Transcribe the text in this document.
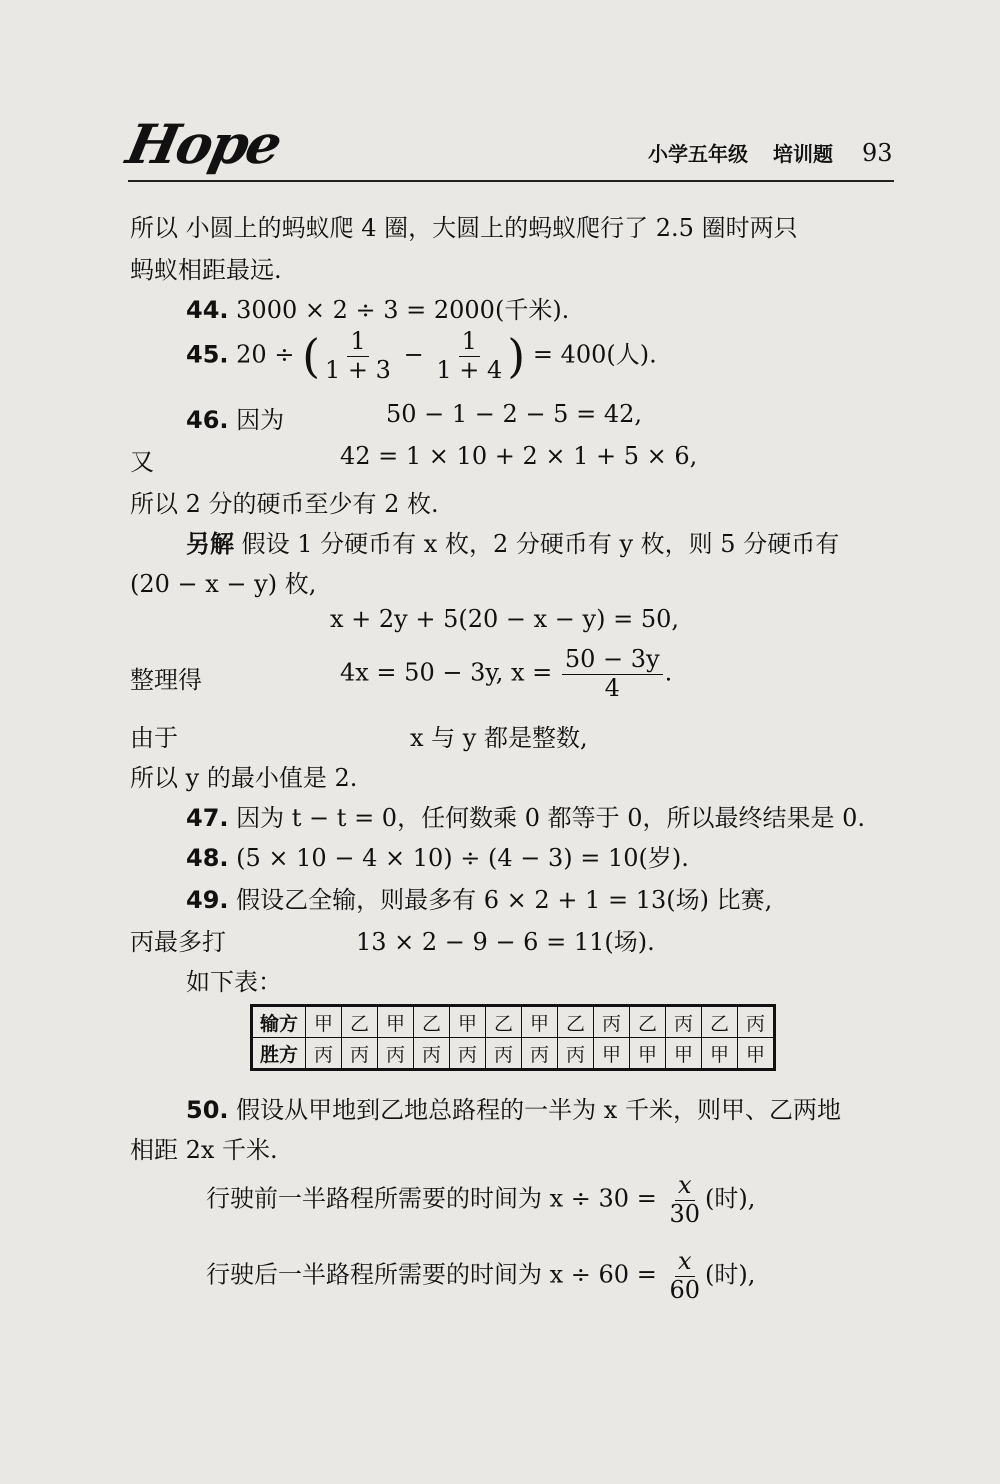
Hope	小学五年级 培训题 93
所以 小圆上的蚂蚁爬 4 圈，大圆上的蚂蚁爬行了 2.5 圈时两只
蚂蚁相距最远.
44. 3000 × 2 ÷ 3 = 2000(千米).
45. 20 ÷ ( $\frac{1}{1 + 3} - \frac{1}{1 + 4}$ ) = 400(人).
46. 因为	50 − 1 − 2 − 5 = 42,
又	42 = 1 × 10 + 2 × 1 + 5 × 6,
所以 2 分的硬币至少有 2 枚.
另解 假设 1 分硬币有 x 枚，2 分硬币有 y 枚，则 5 分硬币有
(20 − x − y) 枚,
x + 2y + 5(20 − x − y) = 50,
整理得	4x = 50 − 3y, $x = \frac{50 - 3y}{4}$ .
由于	x 与 y 都是整数,
所以 y 的最小值是 2.
47. 因为 t − t = 0，任何数乘 0 都等于 0，所以最终结果是 0.
48. (5 × 10 − 4 × 10) ÷ (4 − 3) = 10(岁).
49. 假设乙全输，则最多有 6 × 2 + 1 = 13(场) 比赛,
丙最多打	13 × 2 − 9 − 6 = 11(场).
如下表：
输方	甲	乙	甲	乙	甲	乙	甲	乙	丙	乙	丙	乙	丙
胜方	丙	丙	丙	丙	丙	丙	丙	丙	甲	甲	甲	甲	甲
50. 假设从甲地到乙地总路程的一半为 x 千米，则甲、乙两地
相距 2x 千米.
行驶前一半路程所需要的时间为 $x \div 30 = \frac{x}{30}$ (时),
行驶后一半路程所需要的时间为 $x \div 60 = \frac{x}{60}$ (时),
